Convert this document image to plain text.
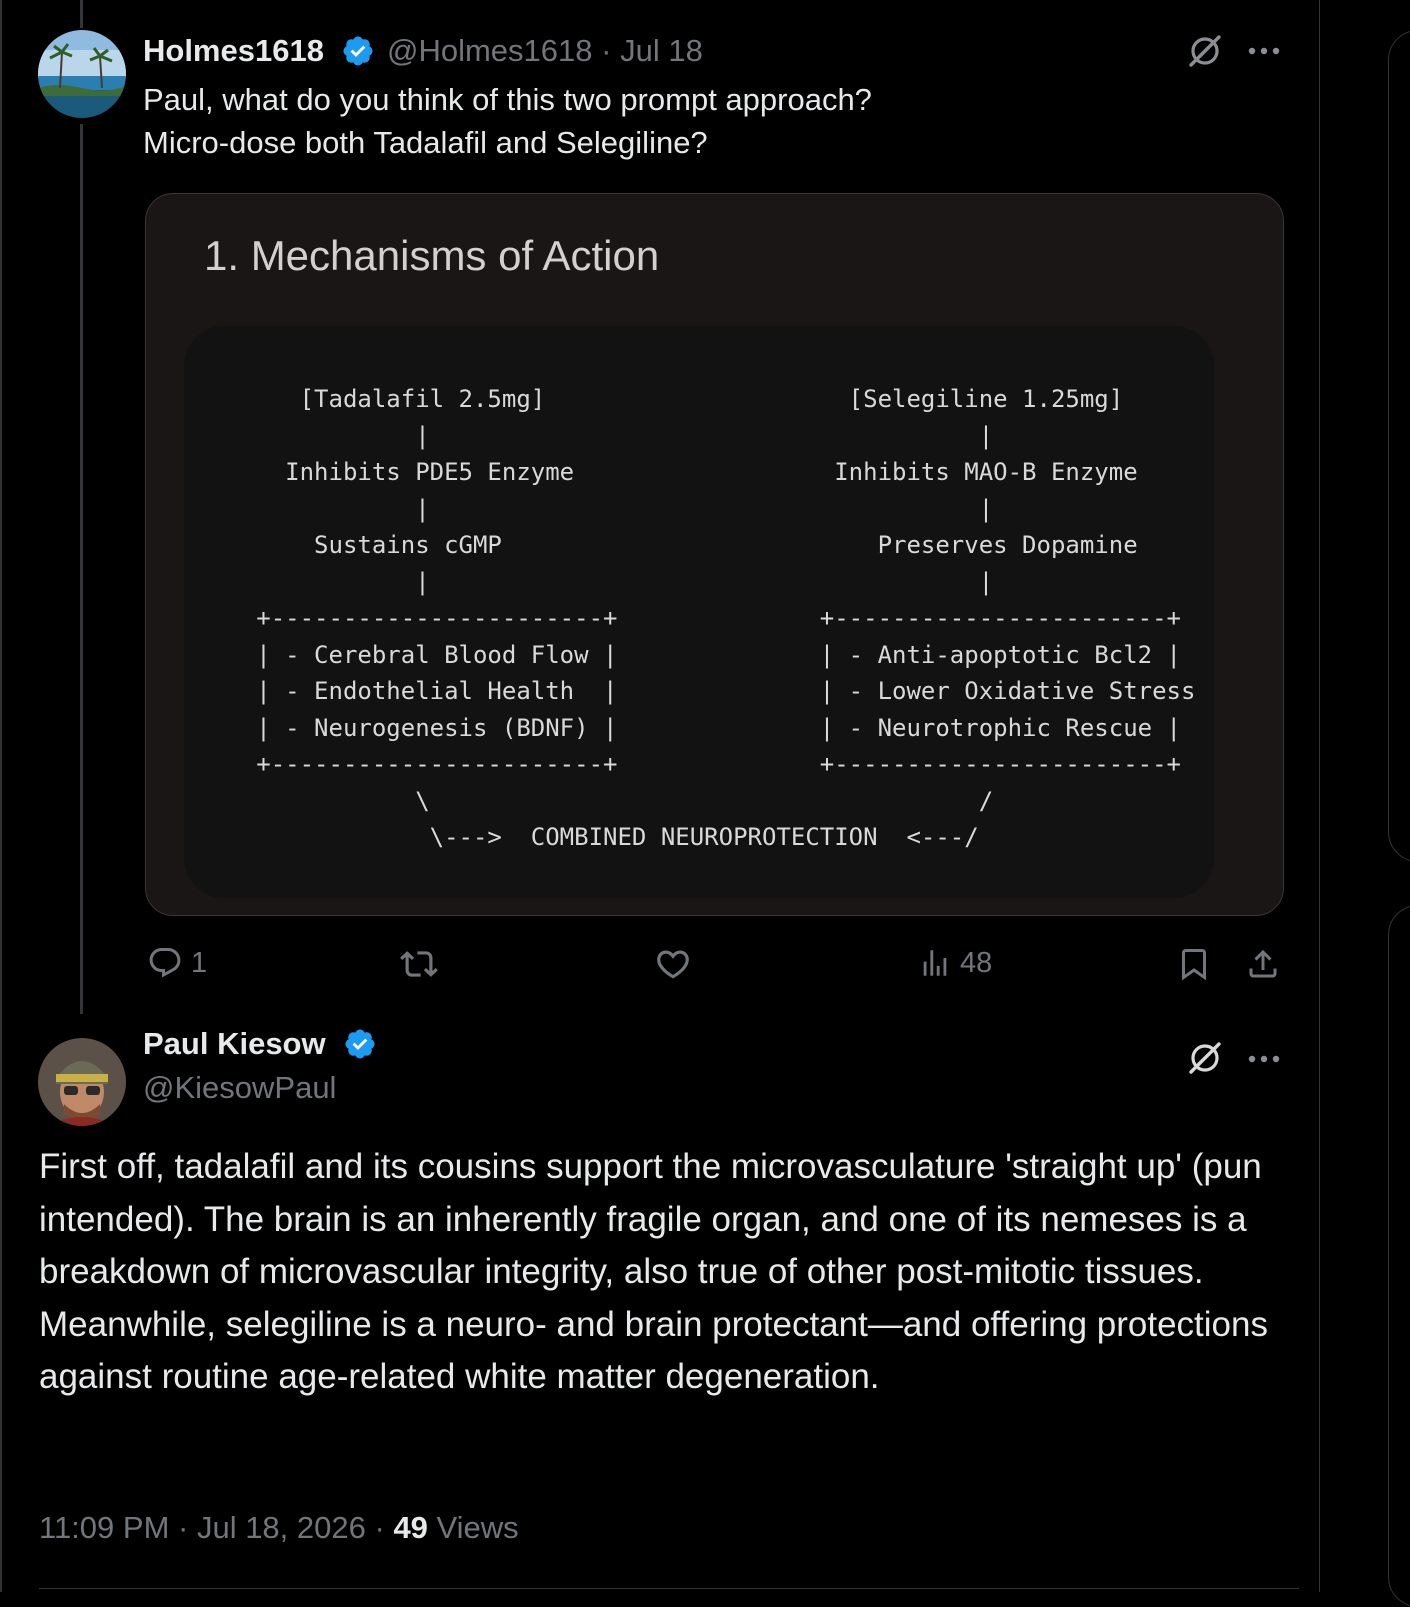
Holmes1618 @Holmes1618 · Jul 18
Paul, what do you think of this two prompt approach?
Micro-dose both Tadalafil and Selegiline?
1. Mechanisms of Action
[Tadalafil 2.5mg]                     [Selegiline 1.25mg]
|                                      |
Inhibits PDE5 Enzyme                  Inhibits MAO-B Enzyme
|                                      |
Sustains cGMP                          Preserves Dopamine
|                                      |
+-----------------------+              +-----------------------+
| - Cerebral Blood Flow |              | - Anti-apoptotic Bcl2 |
| - Endothelial Health  |              | - Lower Oxidative Stress
| - Neurogenesis (BDNF) |              | - Neurotrophic Rescue |
+-----------------------+              +-----------------------+
\                                      /
\--->  COMBINED NEUROPROTECTION  <---/
1	48
Paul Kiesow
@KiesowPaul
First off, tadalafil and its cousins support the microvasculature 'straight up' (pun intended). The brain is an inherently fragile organ, and one of its nemeses is a breakdown of microvascular integrity, also true of other post-mitotic tissues. Meanwhile, selegiline is a neuro- and brain protectant—and offering protections against routine age-related white matter degeneration.
11:09 PM · Jul 18, 2026 · 49 Views
